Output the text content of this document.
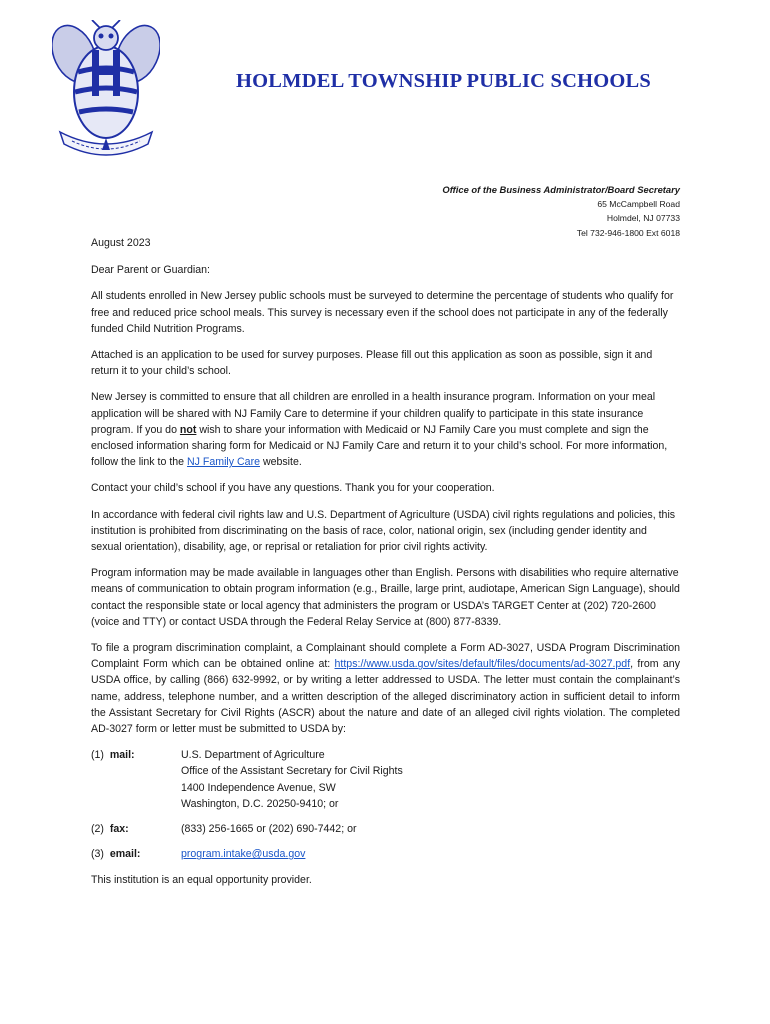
HOLMDEL TOWNSHIP PUBLIC SCHOOLS
Office of the Business Administrator/Board Secretary
65 McCampbell Road
Holmdel, NJ 07733
Tel 732-946-1800 Ext 6018

August 2023

Dear Parent or Guardian:

All students enrolled in New Jersey public schools must be surveyed to determine the percentage of students who qualify for free and reduced price school meals. This survey is necessary even if the school does not participate in any of the federally funded Child Nutrition Programs.

Attached is an application to be used for survey purposes. Please fill out this application as soon as possible, sign it and return it to your child’s school.

New Jersey is committed to ensure that all children are enrolled in a health insurance program. Information on your meal application will be shared with NJ Family Care to determine if your children qualify to participate in this state insurance program. If you do not wish to share your information with Medicaid or NJ Family Care you must complete and sign the enclosed information sharing form for Medicaid or NJ Family Care and return it to your child’s school. For more information, follow the link to the NJ Family Care website.

Contact your child’s school if you have any questions. Thank you for your cooperation.

In accordance with federal civil rights law and U.S. Department of Agriculture (USDA) civil rights regulations and policies, this institution is prohibited from discriminating on the basis of race, color, national origin, sex (including gender identity and sexual orientation), disability, age, or reprisal or retaliation for prior civil rights activity.

Program information may be made available in languages other than English. Persons with disabilities who require alternative means of communication to obtain program information (e.g., Braille, large print, audiotape, American Sign Language), should contact the responsible state or local agency that administers the program or USDA’s TARGET Center at (202) 720-2600 (voice and TTY) or contact USDA through the Federal Relay Service at (800) 877-8339.

To file a program discrimination complaint, a Complainant should complete a Form AD-3027, USDA Program Discrimination Complaint Form which can be obtained online at: https://www.usda.gov/sites/default/files/documents/ad-3027.pdf, from any USDA office, by calling (866) 632-9992, or by writing a letter addressed to USDA. The letter must contain the complainant’s name, address, telephone number, and a written description of the alleged discriminatory action in sufficient detail to inform the Assistant Secretary for Civil Rights (ASCR) about the nature and date of an alleged civil rights violation. The completed AD-3027 form or letter must be submitted to USDA by:

(1) mail:	U.S. Department of Agriculture
Office of the Assistant Secretary for Civil Rights
1400 Independence Avenue, SW
Washington, D.C. 20250-9410; or
(2) fax:	(833) 256-1665 or (202) 690-7442; or
(3) email:	program.intake@usda.gov

This institution is an equal opportunity provider.
